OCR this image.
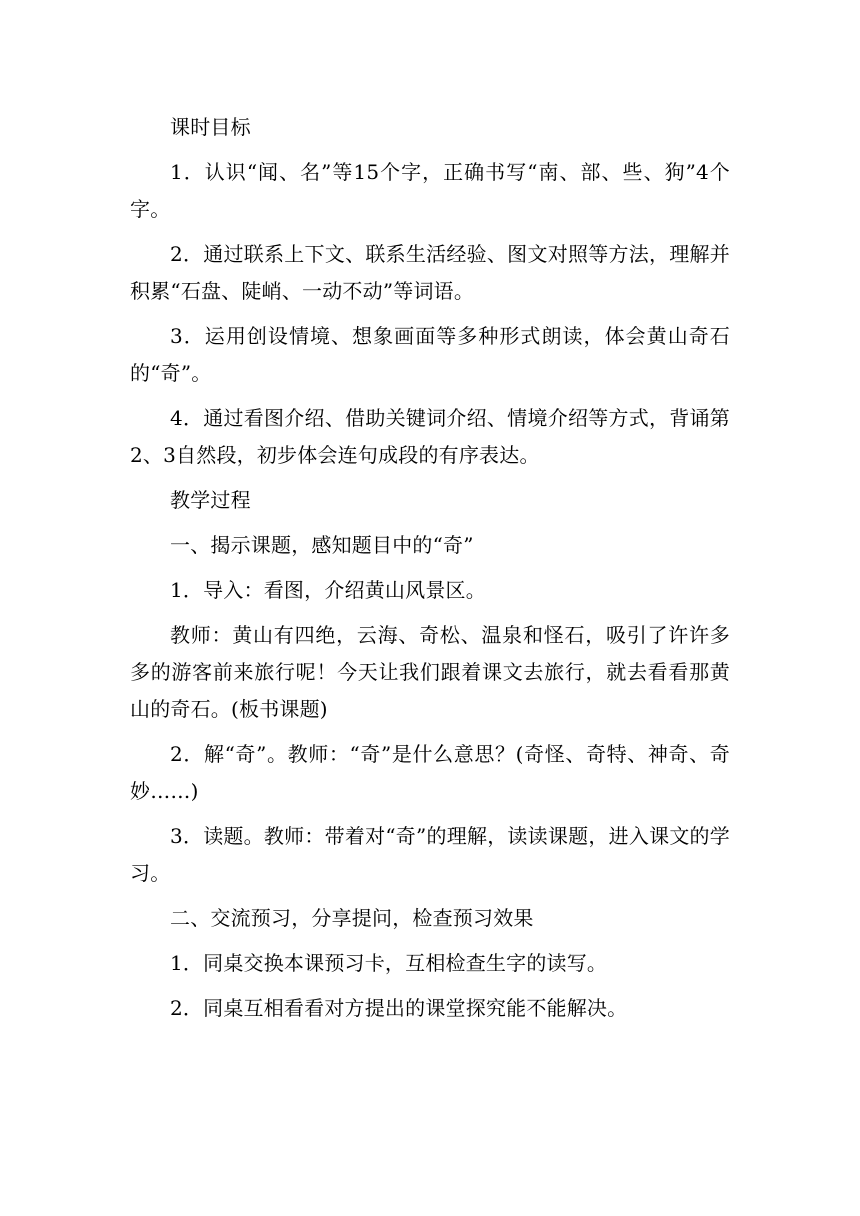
课时目标

1．认识“闻、名”等15个字，正确书写“南、部、些、狗”4个字。

2．通过联系上下文、联系生活经验、图文对照等方法，理解并积累“石盘、陡峭、一动不动”等词语。

3．运用创设情境、想象画面等多种形式朗读，体会黄山奇石的“奇”。

4．通过看图介绍、借助关键词介绍、情境介绍等方式，背诵第2、3自然段，初步体会连句成段的有序表达。

教学过程

一、揭示课题，感知题目中的“奇”

1．导入：看图，介绍黄山风景区。

教师：黄山有四绝，云海、奇松、温泉和怪石，吸引了许许多多的游客前来旅行呢！今天让我们跟着课文去旅行，就去看看那黄山的奇石。(板书课题)

2．解“奇”。教师：“奇”是什么意思？(奇怪、奇特、神奇、奇妙……)

3．读题。教师：带着对“奇”的理解，读读课题，进入课文的学习。

二、交流预习，分享提问，检查预习效果

1．同桌交换本课预习卡，互相检查生字的读写。

2．同桌互相看看对方提出的课堂探究能不能解决。
